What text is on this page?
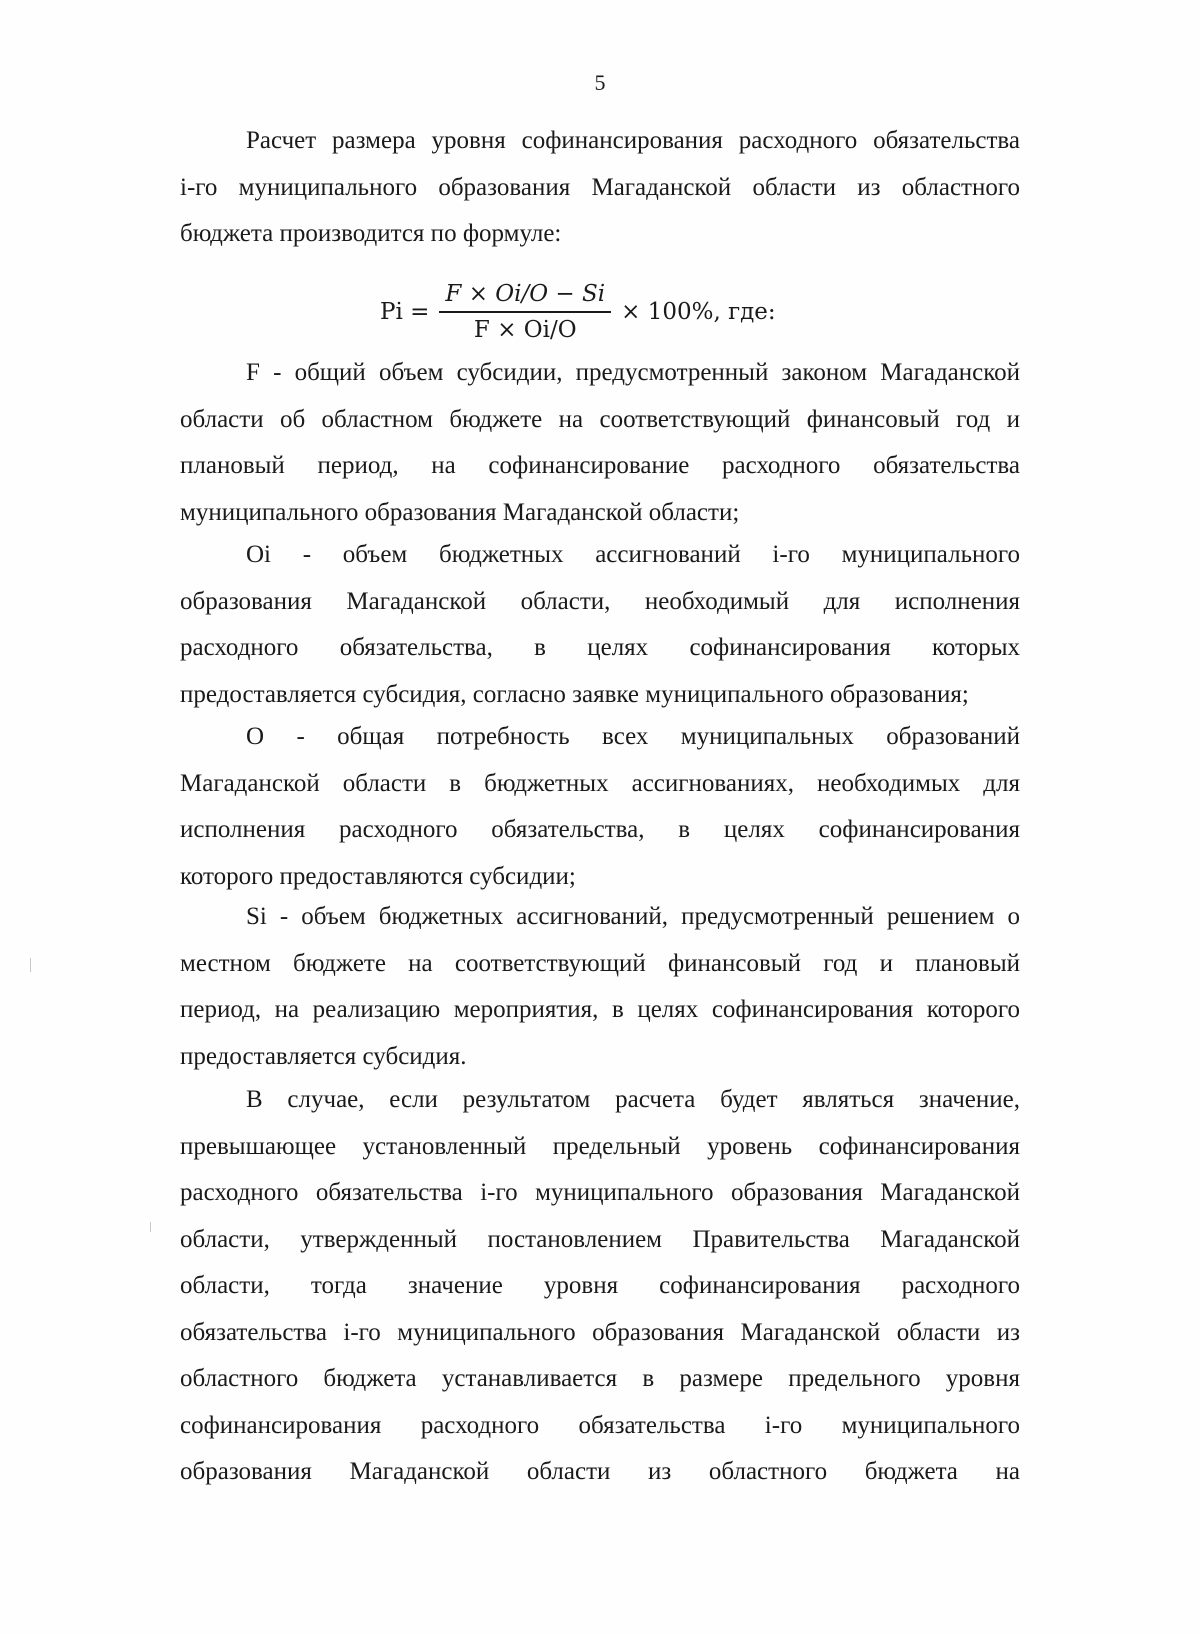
5
Расчет размера уровня софинансирования расходного обязательства
i-го муниципального образования Магаданской области из областного
бюджета производится по формуле:
$Pi = \frac{F \times Oi/O - Si}{F \times Oi/O} \times 100\%$, где:
F - общий объем субсидии, предусмотренный законом Магаданской
области об областном бюджете на соответствующий финансовый год и
плановый период, на софинансирование расходного обязательства
муниципального образования Магаданской области;
Oi - объем бюджетных ассигнований i-го муниципального
образования Магаданской области, необходимый для исполнения
расходного обязательства, в целях софинансирования которых
предоставляется субсидия, согласно заявке муниципального образования;
O - общая потребность всех муниципальных образований
Магаданской области в бюджетных ассигнованиях, необходимых для
исполнения расходного обязательства, в целях софинансирования
которого предоставляются субсидии;
Si - объем бюджетных ассигнований, предусмотренный решением о
местном бюджете на соответствующий финансовый год и плановый
период, на реализацию мероприятия, в целях софинансирования которого
предоставляется субсидия.
В случае, если результатом расчета будет являться значение,
превышающее установленный предельный уровень софинансирования
расходного обязательства i-го муниципального образования Магаданской
области, утвержденный постановлением Правительства Магаданской
области, тогда значение уровня софинансирования расходного
обязательства i-го муниципального образования Магаданской области из
областного бюджета устанавливается в размере предельного уровня
софинансирования расходного обязательства i-го муниципального
образования Магаданской области из областного бюджета на
